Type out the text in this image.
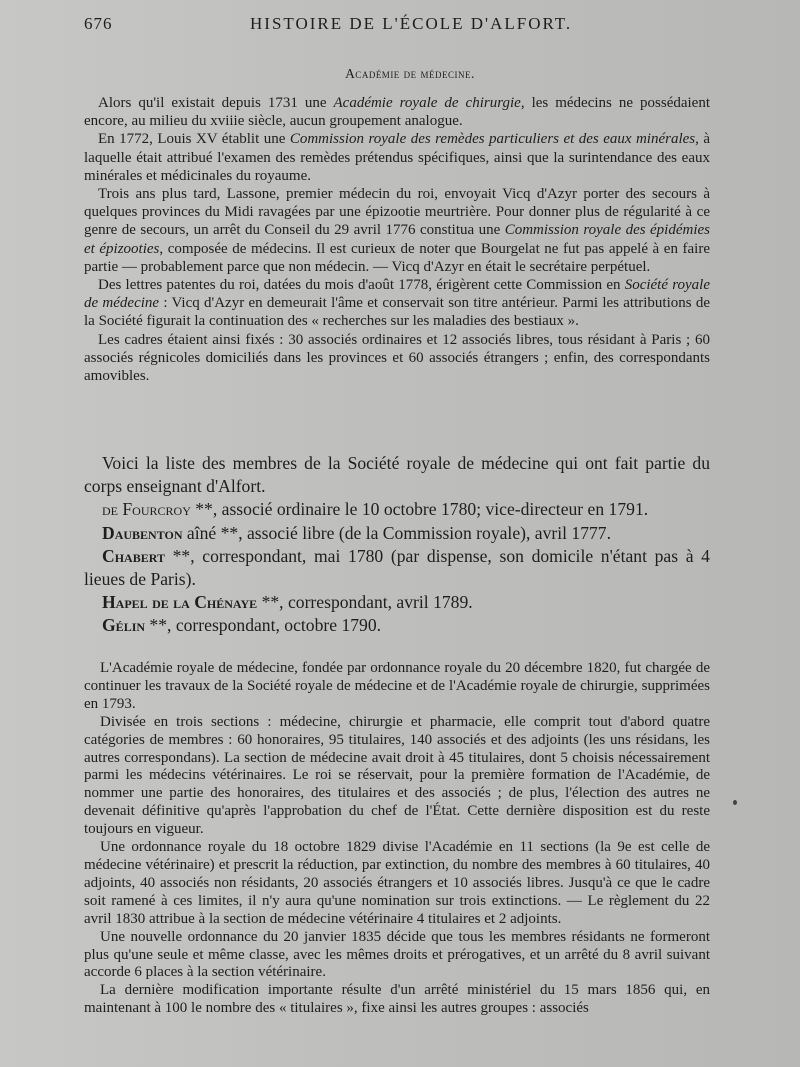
676	HISTOIRE DE L'ÉCOLE D'ALFORT.
Académie de médecine.

Alors qu'il existait depuis 1731 une Académie royale de chirurgie, les médecins ne possédaient encore, au milieu du xviiie siècle, aucun groupement analogue.

En 1772, Louis XV établit une Commission royale des remèdes particuliers et des eaux minérales, à laquelle était attribué l'examen des remèdes prétendus spécifiques, ainsi que la surintendance des eaux minérales et médicinales du royaume.

Trois ans plus tard, Lassone, premier médecin du roi, envoyait Vicq d'Azyr porter des secours à quelques provinces du Midi ravagées par une épizootie meurtrière. Pour donner plus de régularité à ce genre de secours, un arrêt du Conseil du 29 avril 1776 constitua une Commission royale des épidémies et épizooties, composée de médecins. Il est curieux de noter que Bourgelat ne fut pas appelé à en faire partie — probablement parce que non médecin. — Vicq d'Azyr en était le secrétaire perpétuel.

Des lettres patentes du roi, datées du mois d'août 1778, érigèrent cette Commission en Société royale de médecine : Vicq d'Azyr en demeurait l'âme et conservait son titre antérieur. Parmi les attributions de la Société figurait la continuation des « recherches sur les maladies des bestiaux ».

Les cadres étaient ainsi fixés : 30 associés ordinaires et 12 associés libres, tous résidant à Paris ; 60 associés régnicoles domiciliés dans les provinces et 60 associés étrangers ; enfin, des correspondants amovibles.

Voici la liste des membres de la Société royale de médecine qui ont fait partie du corps enseignant d'Alfort.

de Fourcroy **, associé ordinaire le 10 octobre 1780; vice-directeur en 1791.

Daubenton aîné **, associé libre (de la Commission royale), avril 1777.

Chabert **, correspondant, mai 1780 (par dispense, son domicile n'étant pas à 4 lieues de Paris).

Hapel de la Chénaye **, correspondant, avril 1789.

Gélin **, correspondant, octobre 1790.

L'Académie royale de médecine, fondée par ordonnance royale du 20 décembre 1820, fut chargée de continuer les travaux de la Société royale de médecine et de l'Académie royale de chirurgie, supprimées en 1793.

Divisée en trois sections : médecine, chirurgie et pharmacie, elle comprit tout d'abord quatre catégories de membres : 60 honoraires, 95 titulaires, 140 associés et des adjoints (les uns résidans, les autres correspondans). La section de médecine avait droit à 45 titulaires, dont 5 choisis nécessairement parmi les médecins vétérinaires. Le roi se réservait, pour la première formation de l'Académie, de nommer une partie des honoraires, des titulaires et des associés ; de plus, l'élection des autres ne devenait définitive qu'après l'approbation du chef de l'État. Cette dernière disposition est du reste toujours en vigueur.

Une ordonnance royale du 18 octobre 1829 divise l'Académie en 11 sections (la 9e est celle de médecine vétérinaire) et prescrit la réduction, par extinction, du nombre des membres à 60 titulaires, 40 adjoints, 40 associés non résidants, 20 associés étrangers et 10 associés libres. Jusqu'à ce que le cadre soit ramené à ces limites, il n'y aura qu'une nomination sur trois extinctions. — Le règlement du 22 avril 1830 attribue à la section de médecine vétérinaire 4 titulaires et 2 adjoints.

Une nouvelle ordonnance du 20 janvier 1835 décide que tous les membres résidants ne formeront plus qu'une seule et même classe, avec les mêmes droits et prérogatives, et un arrêté du 8 avril suivant accorde 6 places à la section vétérinaire.

La dernière modification importante résulte d'un arrêté ministériel du 15 mars 1856 qui, en maintenant à 100 le nombre des « titulaires », fixe ainsi les autres groupes : associés
